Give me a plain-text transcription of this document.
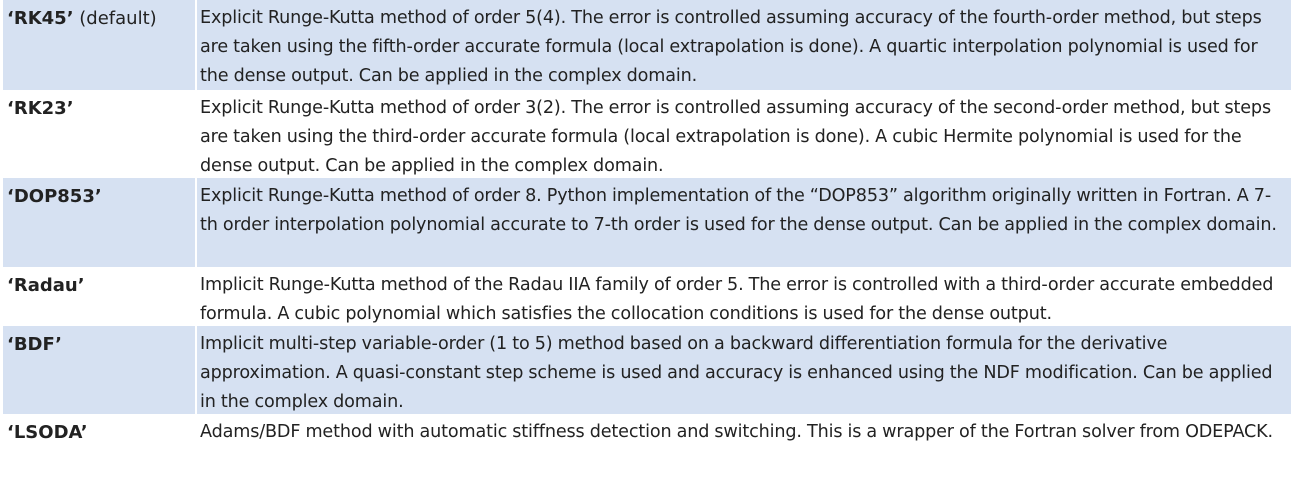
‘RK45’ (default)	Explicit Runge-Kutta method of order 5(4). The error is controlled assuming accuracy of the fourth-order method, but steps are taken using the fifth-order accurate formula (local extrapolation is done). A quartic interpolation polynomial is used for the dense output. Can be applied in the complex domain.
‘RK23’	Explicit Runge-Kutta method of order 3(2). The error is controlled assuming accuracy of the second-order method, but steps are taken using the third-order accurate formula (local extrapolation is done). A cubic Hermite polynomial is used for the dense output. Can be applied in the complex domain.
‘DOP853’	Explicit Runge-Kutta method of order 8. Python implementation of the “DOP853” algorithm originally written in Fortran. A 7-th order interpolation polynomial accurate to 7-th order is used for the dense output. Can be applied in the complex domain.
‘Radau’	Implicit Runge-Kutta method of the Radau IIA family of order 5. The error is controlled with a third-order accurate embedded formula. A cubic polynomial which satisfies the collocation conditions is used for the dense output.
‘BDF’	Implicit multi-step variable-order (1 to 5) method based on a backward differentiation formula for the derivative approximation. A quasi-constant step scheme is used and accuracy is enhanced using the NDF modification. Can be applied in the complex domain.
‘LSODA’	Adams/BDF method with automatic stiffness detection and switching. This is a wrapper of the Fortran solver from ODEPACK.
